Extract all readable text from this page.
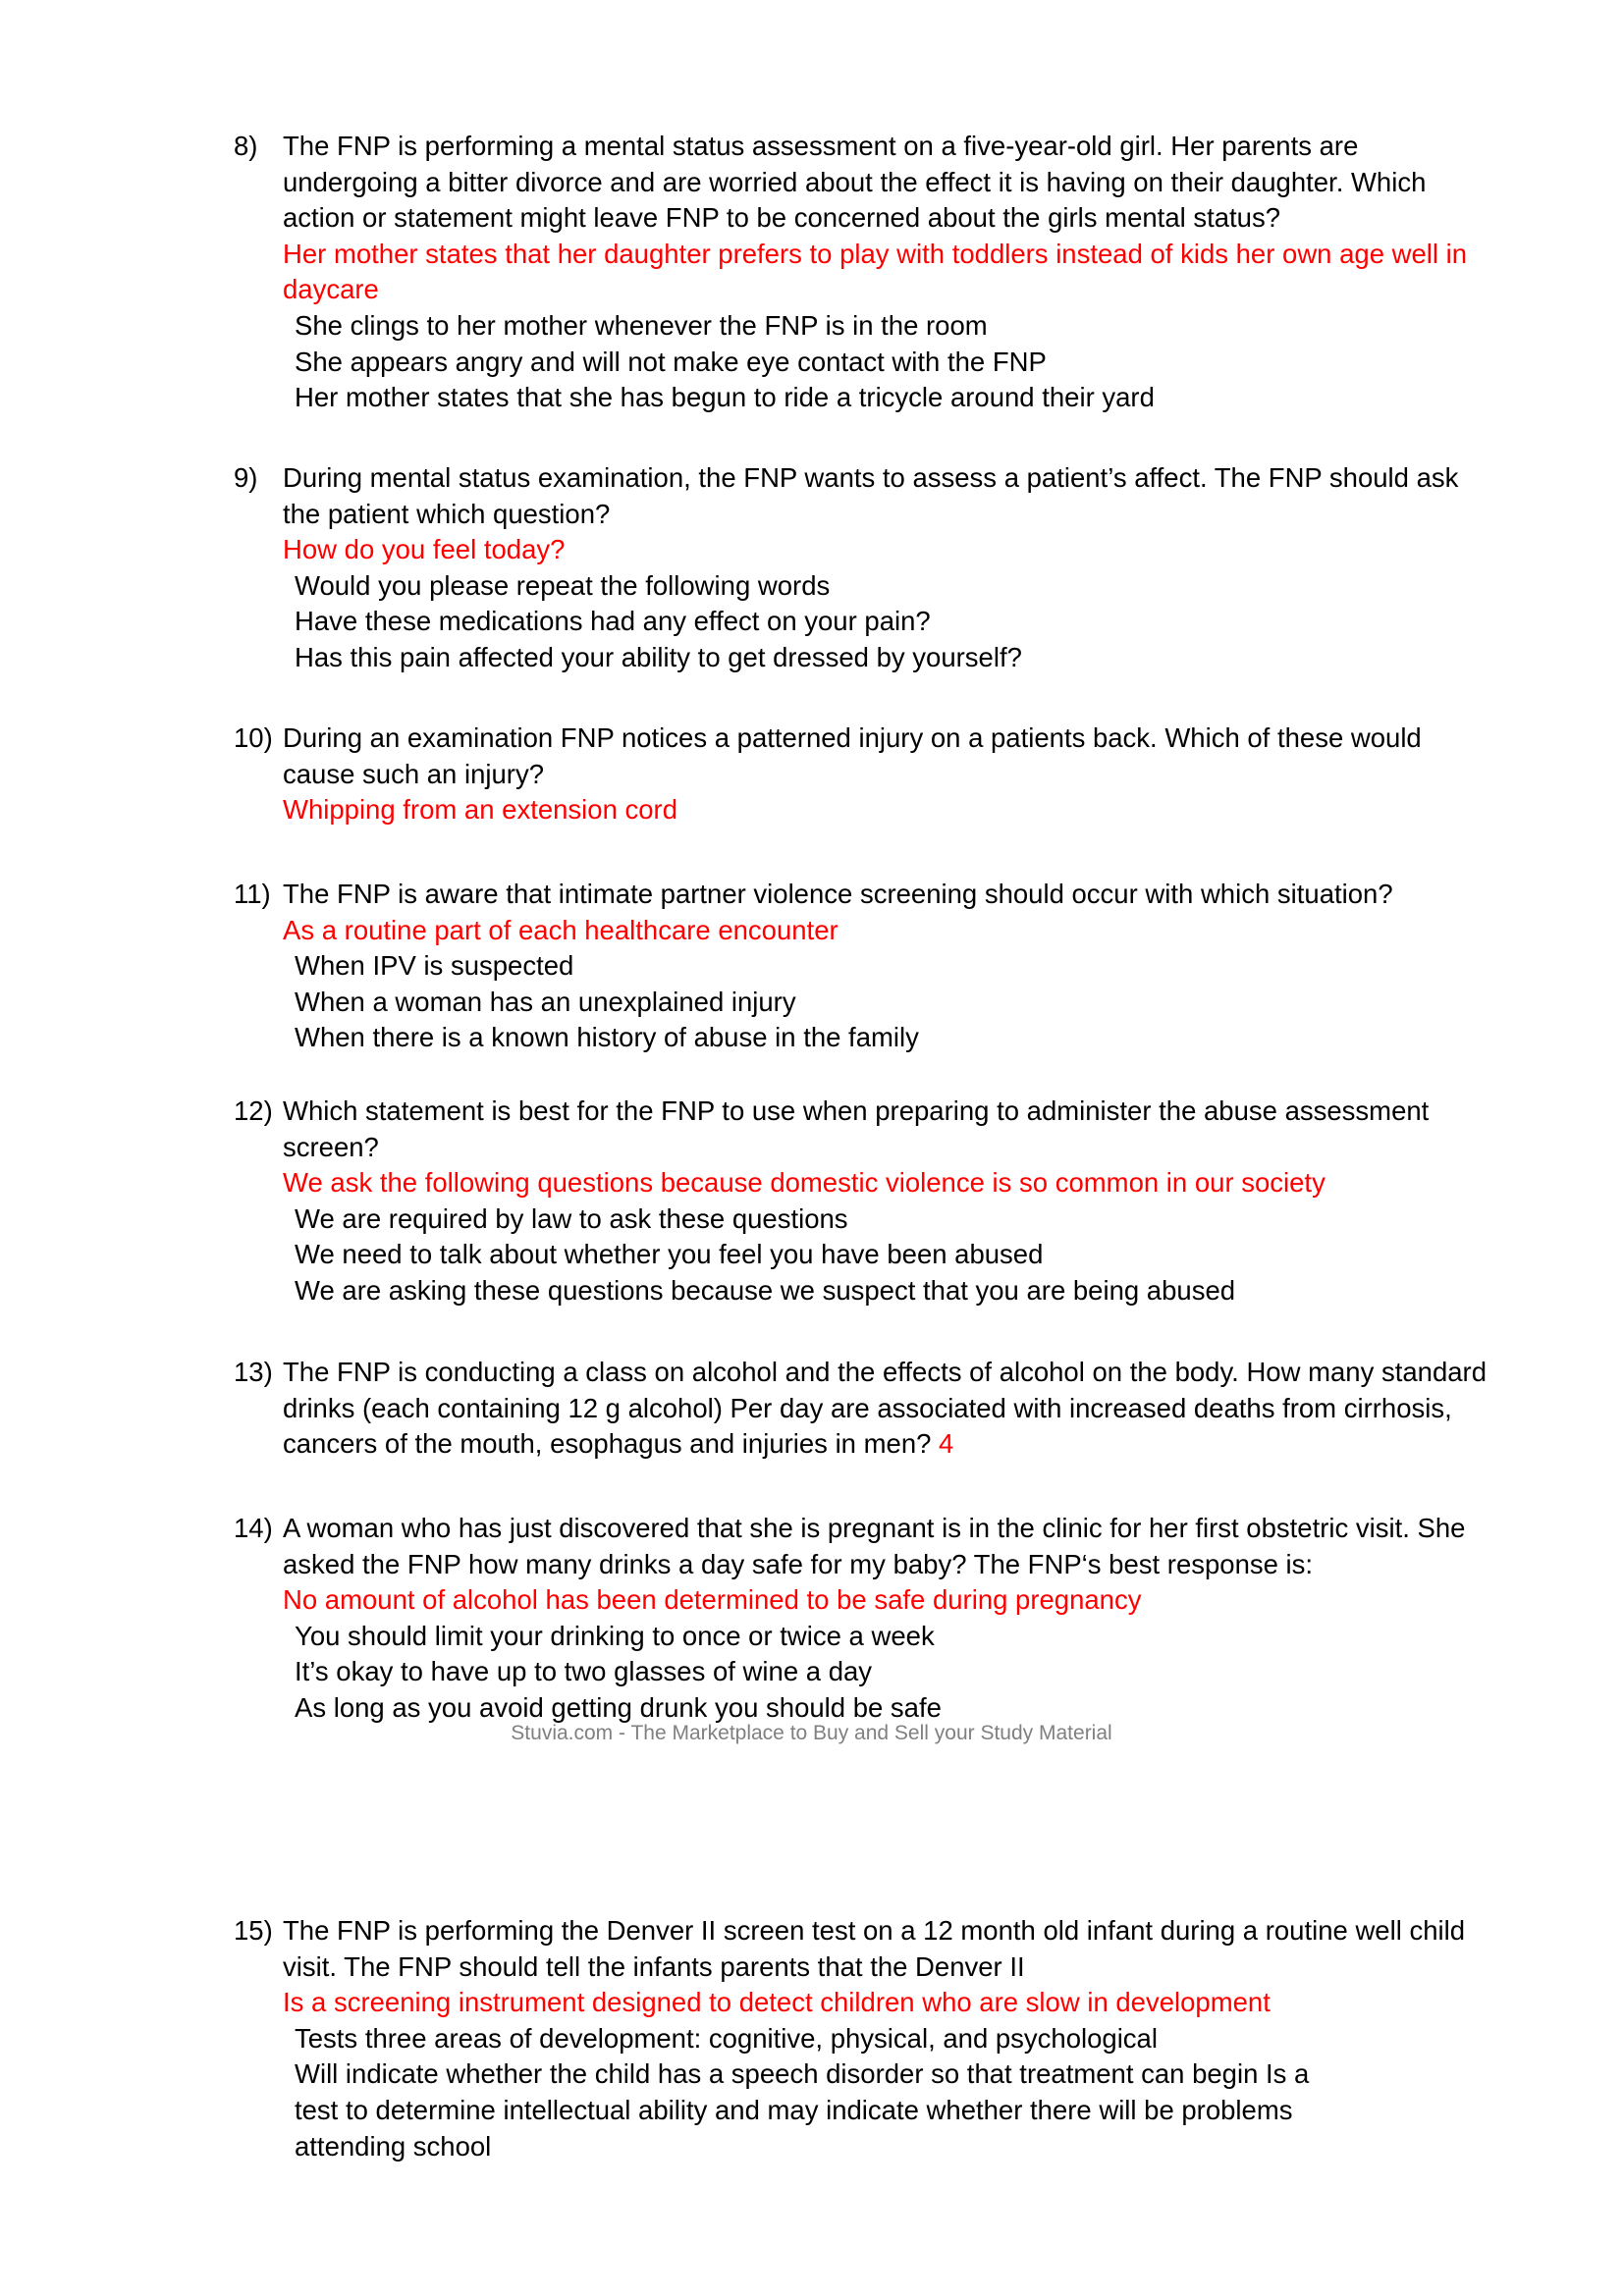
8) The FNP is performing a mental status assessment on a five-year-old girl. Her parents are undergoing a bitter divorce and are worried about the effect it is having on their daughter. Which action or statement might leave FNP to be concerned about the girls mental status?
Her mother states that her daughter prefers to play with toddlers instead of kids her own age well in daycare
She clings to her mother whenever the FNP is in the room
She appears angry and will not make eye contact with the FNP
Her mother states that she has begun to ride a tricycle around their yard
9) During mental status examination, the FNP wants to assess a patient’s affect. The FNP should ask the patient which question?
How do you feel today?
Would you please repeat the following words
Have these medications had any effect on your pain?
Has this pain affected your ability to get dressed by yourself?
10) During an examination FNP notices a patterned injury on a patients back. Which of these would cause such an injury?
Whipping from an extension cord
11) The FNP is aware that intimate partner violence screening should occur with which situation?
As a routine part of each healthcare encounter
When IPV is suspected
When a woman has an unexplained injury
When there is a known history of abuse in the family
12) Which statement is best for the FNP to use when preparing to administer the abuse assessment screen?
We ask the following questions because domestic violence is so common in our society
We are required by law to ask these questions
We need to talk about whether you feel you have been abused
We are asking these questions because we suspect that you are being abused
13) The FNP is conducting a class on alcohol and the effects of alcohol on the body. How many standard drinks (each containing 12 g alcohol) Per day are associated with increased deaths from cirrhosis, cancers of the mouth, esophagus and injuries in men? 4
14) A woman who has just discovered that she is pregnant is in the clinic for her first obstetric visit. She asked the FNP how many drinks a day safe for my baby? The FNP‘s best response is:
No amount of alcohol has been determined to be safe during pregnancy
You should limit your drinking to once or twice a week
It’s okay to have up to two glasses of wine a day
As long as you avoid getting drunk you should be safe
Stuvia.com - The Marketplace to Buy and Sell your Study Material
15) The FNP is performing the Denver II screen test on a 12 month old infant during a routine well child visit. The FNP should tell the infants parents that the Denver II
Is a screening instrument designed to detect children who are slow in development
Tests three areas of development: cognitive, physical, and psychological
Will indicate whether the child has a speech disorder so that treatment can begin Is a test to determine intellectual ability and may indicate whether there will be problems attending school
